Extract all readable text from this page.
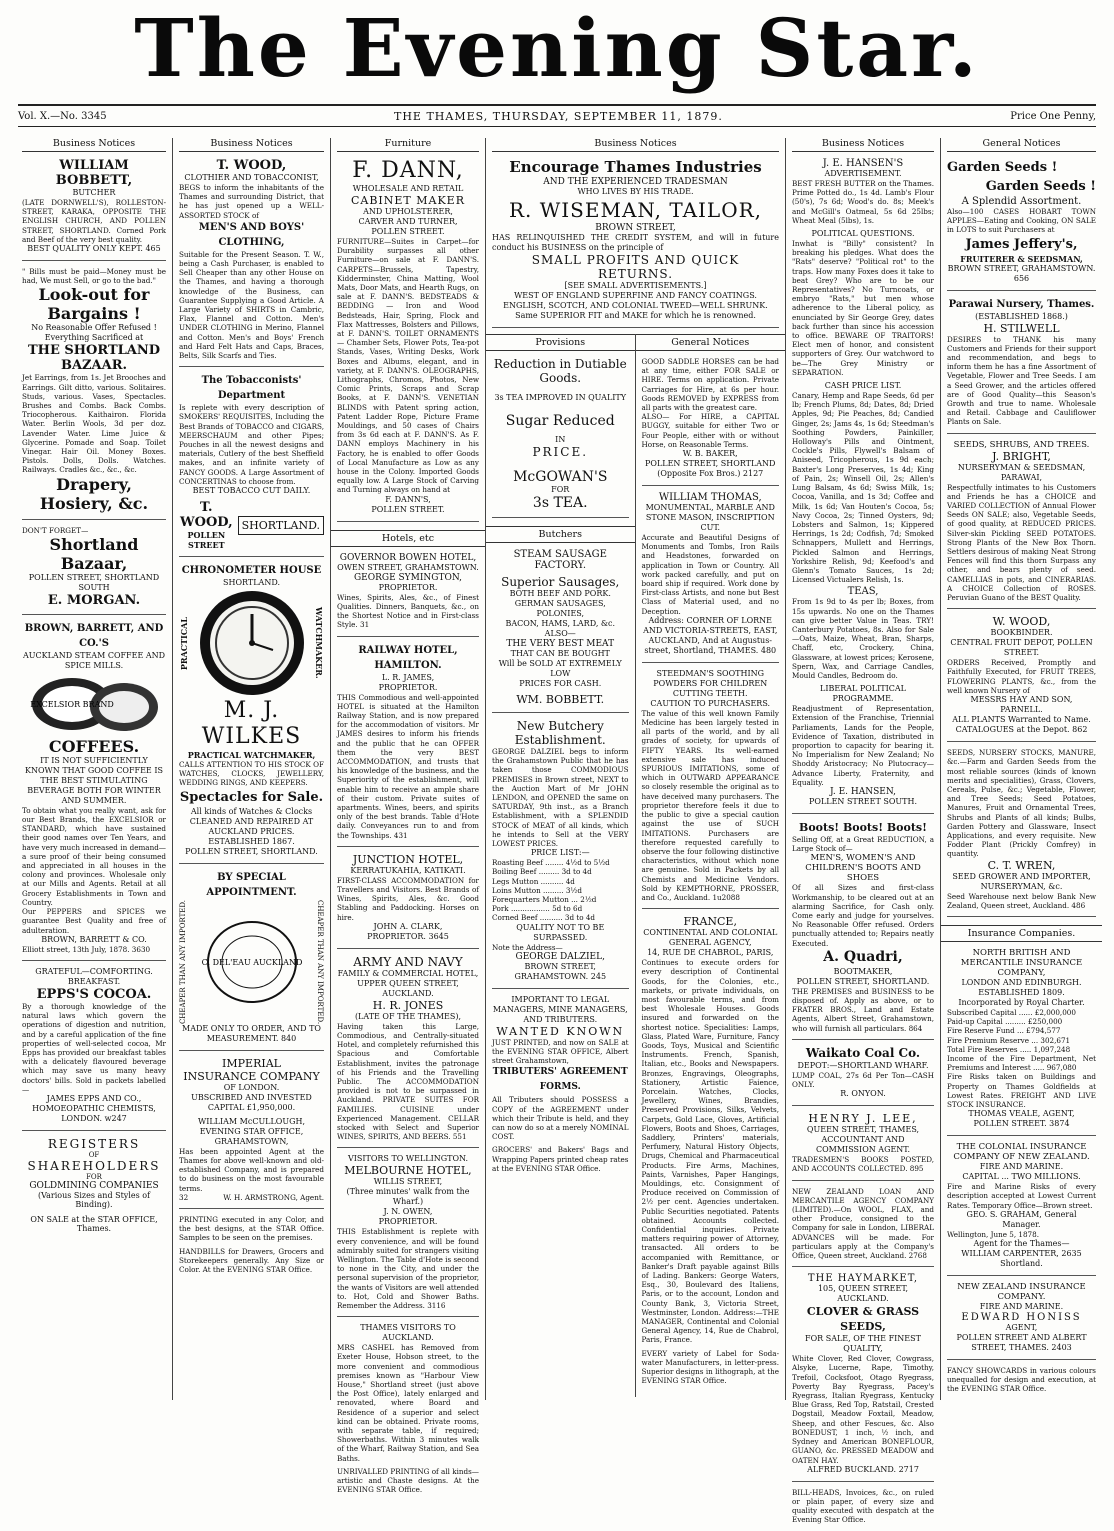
The Evening Star.
Vol. X.—No. 3345	THE THAMES, THURSDAY, SEPTEMBER 11, 1879.	Price One Penny,
Business Notices
WILLIAM BOBBETT,
BUTCHER
(LATE DORNWELL'S), ROLLESTON-STREET, KARAKA, OPPOSITE THE ENGLISH CHURCH, AND POLLEN STREET, SHORTLAND. Corned Pork and Beef of the very best quality.
BEST QUALITY ONLY KEPT. 465
" Bills must be paid—Money must be had, We must Sell, or go to the bad."
Look-out for Bargains !
No Reasonable Offer Refused ! Everything Sacrificed at
THE SHORTLAND BAZAAR.
Jet Earrings, from 1s. Jet Brooches and Earrings. Gilt ditto, various. Solitaires. Studs, various. Vases, Spectacles. Brushes and Combs. Back Combs. Triocopherous. Kaithairon. Florida Water. Berlin Wools, 3d per doz. Lavender Water. Lime Juice & Glycerine. Pomade and Soap. Toilet Vinegar. Hair Oil. Money Boxes. Pistols. Dolls, Dolls. Watches. Railways. Cradles &c., &c., &c.
Drapery, Hosiery, &c.
DON'T FORGET—
Shortland Bazaar,
POLLEN STREET, SHORTLAND SOUTH
E. MORGAN.
BROWN, BARRETT, AND CO.'S
AUCKLAND STEAM COFFEE AND SPICE MILLS.
EXCELSIOR BRAND
COFFEES.
IT IS NOT SUFFICIENTLY KNOWN THAT GOOD COFFEE IS THE BEST STIMULATING BEVERAGE BOTH FOR WINTER AND SUMMER.
To obtain what you really want, ask for our Best Brands, the EXCELSIOR or STANDARD, which have sustained their good names over Ten Years, and have very much increased in demand—a sure proof of their being consumed and appreciated in all houses in the colony and provinces. Wholesale only at our Mills and Agents. Retail at all Grocery Establishments in Town and Country.
Our PEPPERS and SPICES we guarantee Best Quality and free of adulteration.
BROWN, BARRETT & CO.
Elliott street, 13th July, 1878. 3630
GRATEFUL—COMFORTING.
BREAKFAST.
EPPS'S COCOA.
By a thorough knowledge of the natural laws which govern the operations of digestion and nutrition, and by a careful application of the fine properties of well-selected cocoa, Mr Epps has provided our breakfast tables with a delicately flavoured beverage which may save us many heavy doctors' bills. Sold in packets labelled—
JAMES EPPS AND CO., HOMOEOPATHIC CHEMISTS, LONDON. w247
REGISTERS
OF
SHAREHOLDERS
FOR
GOLDMINING COMPANIES
(Various Sizes and Styles of Binding).
ON SALE at the STAR OFFICE, Thames.
Business Notices
T. WOOD,
CLOTHIER AND TOBACCONIST,
BEGS to inform the inhabitants of the Thames and surrounding District, that he has just opened up a WELL-ASSORTED STOCK of
MEN'S AND BOYS' CLOTHING,
Suitable for the Present Season. T. W., being a Cash Purchaser, is enabled to Sell Cheaper than any other House on the Thames, and having a thorough knowledge of the Business, can Guarantee Supplying a Good Article. A Large Variety of SHIRTS in Cambric, Flax, Flannel and Cotton. Men's UNDER CLOTHING in Merino, Flannel and Cotton. Men's and Boys' French and Hard Felt Hats and Caps, Braces, Belts, Silk Scarfs and Ties.
The Tobacconists' Department
Is replete with every description of SMOKERS' REQUISITES, Including the Best Brands of TOBACCO and CIGARS, MEERSCHAUM and other Pipes; Pouches in all the newest designs and materials, Cutlery of the best Sheffield makes, and an infinite variety of FANCY GOODS. A Large Assortment of CONCERTINAS to choose from.
BEST TOBACCO CUT DAILY.
T. WOOD,
POLLEN STREET
SHORTLAND.
CHRONOMETER HOUSE
SHORTLAND.
PRACTICAL	WATCHMAKER.
M. J. WILKES
PRACTICAL WATCHMAKER,
CALLS ATTENTION TO HIS STOCK OF WATCHES, CLOCKS, JEWELLERY, WEDDING RINGS, AND KEEPERS.
Spectacles for Sale.
All kinds of Watches & Clocks CLEANED AND REPAIRED AT AUCKLAND PRICES.
ESTABLISHED 1867.
POLLEN STREET, SHORTLAND.
BY SPECIAL APPOINTMENT.
CHEAPER THAN ANY IMPORTED. C. DEL'EAU AUCKLAND CHEAPER THAN ANY IMPORTED.
MADE ONLY TO ORDER, AND TO MEASUREMENT. 840
IMPERIAL
INSURANCE COMPANY
OF LONDON.
UBSCRIBED AND INVESTED
CAPITAL £1,950,000.
WILLIAM McCULLOUGH,
EVENING STAR OFFICE, GRAHAMSTOWN,
Has been appointed Agent at the Thames for above well-known and old-established Company, and is prepared to do business on the most favourable terms.
32	W. H. ARMSTRONG, Agent.
PRINTING executed in any Color, and the best designs, at the STAR Office. Samples to be seen on the premises.
HANDBILLS for Drawers, Grocers and Storekeepers generally. Any Size or Color. At the EVENING STAR Office.
Furniture
F. DANN,
WHOLESALE AND RETAIL
CABINET MAKER
AND UPHOLSTERER,
CARVER AND TURNER,
POLLEN STREET.
FURNITURE—Suites in Carpet—for Durability surpasses all other Furniture—on sale at F. DANN'S. CARPETS—Brussels, Tapestry, Kidderminster, China Matting, Wool Mats, Door Mats, and Hearth Rugs, on sale at F. DANN'S. BEDSTEADS & BEDDING — Iron and Wood Bedsteads, Hair, Spring, Flock and Flax Mattresses, Bolsters and Pillows, at F. DANN'S. TOILET ORNAMENTS — Chamber Sets, Flower Pots, Tea-pot Stands, Vases, Writing Desks, Work Boxes and Albums, elegant, and in variety, at F. DANN'S. OLEOGRAPHS, Lithographs, Chromos, Photos, New Comic Prints, Scraps and Scrap Books, at F. DANN'S. VENETIAN BLINDS with Patent spring action, Patent Ladder Rope, Picture Frame Mouldings, and 50 cases of Chairs from 3s 6d each at F. DANN'S. As F. DANN employs Machinery in his Factory, he is enabled to offer Goods of Local Manufacture as Low as any house in the Colony. Imported Goods equally low. A Large Stock of Carving and Turning always on hand at
F. DANN'S,
POLLEN STREET.
Hotels, etc
GOVERNOR BOWEN HOTEL,
OWEN STREET, GRAHAMSTOWN.
GEORGE SYMINGTON,
PROPRIETOR.
Wines, Spirits, Ales, &c., of Finest Qualities. Dinners, Banquets, &c., on the Shortest Notice and in First-class Style. 31
RAILWAY HOTEL, HAMILTON.
L. R. JAMES,
PROPRIETOR.
THIS Commodious and well-appointed HOTEL is situated at the Hamilton Railway Station, and is now prepared for the accommodation of visitors. Mr JAMES desires to inform his friends and the public that he can OFFER them the very BEST ACCOMMODATION, and trusts that his knowledge of the business, and the Superiority of the establishment, will enable him to receive an ample share of their custom. Private suites of apartments. Wines, beers, and spirits only of the best brands. Table d'Hote daily. Conveyances run to and from the Townships. 431
JUNCTION HOTEL,
KERRATUKAHIA, KATIKATI.
FIRST-CLASS ACCOMMODATION for Travellers and Visitors. Best Brands of Wines, Spirits, Ales, &c. Good Stabling and Paddocking. Horses on hire.
JOHN A. CLARK,
PROPRIETOR. 3645
ARMY AND NAVY
FAMILY & COMMERCIAL HOTEL,
UPPER QUEEN STREET, AUCKLAND.
H. R. JONES
(LATE OF THE THAMES),
Having taken this Large, Commodious, and Centrally-situated Hotel, and completely refurnished this Spacious and Comfortable Establishment, invites the patronage of his Friends and the Travelling Public. The ACCOMMODATION provided is not to be surpassed in Auckland. PRIVATE SUITES FOR FAMILIES. CUISINE under Experienced Management. CELLAR stocked with Select and Superior WINES, SPIRITS, AND BEERS. 551
VISITORS TO WELLINGTON.
MELBOURNE HOTEL,
WILLIS STREET,
(Three minutes' walk from the Wharf.)
J. N. OWEN,
PROPRIETOR.
THIS Establishment is replete with every convenience, and will be found admirably suited for strangers visiting Wellington. The Table d'Hote is second to none in the City, and under the personal supervision of the proprietor, the wants of Visitors are well attended to. Hot, Cold and Shower Baths. Remember the Address. 3116
THAMES VISITORS TO AUCKLAND.
MRS CASHEL has Removed from Exeter House, Hobson street, to the more convenient and commodious premises known as "Harbour View House," Shortland street (just above the Post Office), lately enlarged and renovated, where Board and Residence of a superior and select kind can be obtained. Private rooms, with separate table, if required; Showerbaths. Within 3 minutes walk of the Wharf, Railway Station, and Sea Baths.
UNRIVALLED PRINTING of all kinds—artistic and Chaste designs. At the EVENING STAR Office.
Business Notices
Encourage Thames Industries
AND THE EXPERIENCED TRADESMAN
WHO LIVES BY HIS TRADE.
R. WISEMAN, TAILOR,
BROWN STREET,
HAS RELINQUISHED THE CREDIT SYSTEM, and will in future conduct his BUSINESS on the principle of
SMALL PROFITS AND QUICK RETURNS.
[SEE SMALL ADVERTISEMENTS.]
WEST OF ENGLAND SUPERFINE AND FANCY COATINGS.
ENGLISH, SCOTCH, AND COLONIAL TWEED—WELL SHRUNK.
Same SUPERIOR FIT and MAKE for which he is renowned.
Provisions
Reduction in Dutiable
Goods.
3s TEA IMPROVED IN QUALITY
Sugar Reduced
IN
PRICE.
McGOWAN'S
FOR
3s TEA.
Butchers
STEAM SAUSAGE FACTORY.
Superior Sausages,
BOTH BEEF AND PORK.
GERMAN SAUSAGES, POLONIES,
BACON, HAMS, LARD, &c.
ALSO—
THE VERY BEST MEAT
THAT CAN BE BOUGHT
Will be SOLD AT EXTREMELY LOW
PRICES FOR CASH.
WM. BOBBETT.
New Butchery Establishment.
GEORGE DALZIEL begs to inform the Grahamstown Public that he has taken those COMMODIOUS PREMISES in Brown street, NEXT to the Auction Mart of Mr JOHN LENDON, and OPENED the same on SATURDAY, 9th inst., as a Branch Establishment, with a SPLENDID STOCK of MEAT of all kinds, which he intends to Sell at the VERY LOWEST PRICES.
PRICE LIST:—
Roasting Beef ........ 4½d to 5½d
Boiling Beef ......... 3d to 4d
Legs Mutton .......... 4d
Loins Mutton ......... 3½d
Forequarters Mutton ... 2½d
Pork ................. 5d to 6d
Corned Beef .......... 3d to 4d
QUALITY NOT TO BE SURPASSED.
Note the Address—
GEORGE DALZIEL,
BROWN STREET,
GRAHAMSTOWN. 245
IMPORTANT TO LEGAL MANAGERS, MINE MANAGERS, AND TRIBUTERS.
WANTED KNOWN
JUST PRINTED, and now on SALE at the EVENING STAR OFFICE, Albert street Grahamstown,
TRIBUTERS' AGREEMENT FORMS.
All Tributers should POSSESS a COPY of the AGREEMENT under which their Tribute is held, and they can now do so at a merely NOMINAL COST.
GROCERS' and Bakers' Bags and Wrapping Papers printed cheap rates at the EVENING STAR Office.
General Notices
GOOD SADDLE HORSES can be had at any time, either FOR SALE or HIRE. Terms on application. Private Carriages for Hire, at 6s per hour. Goods REMOVED by EXPRESS from all parts with the greatest care.
ALSO— For HIRE, a CAPITAL BUGGY, suitable for either Two or Four People, either with or without Horse, on Reasonable Terms.
W. B. BAKER,
POLLEN STREET, SHORTLAND (Opposite Fox Bros.) 2127
WILLIAM THOMAS,
MONUMENTAL, MARBLE AND STONE MASON, INSCRIPTION CUT.
Accurate and Beautiful Designs of Monuments and Tombs, Iron Rails and Headstones, forwarded on application in Town or Country. All work packed carefully, and put on board ship if required. Work done by First-class Artists, and none but Best Class of Material used, and no Deception.
Address: CORNER OF LORNE AND VICTORIA-STREETS, EAST, AUCKLAND, And at Augustus-street, Shortland, THAMES. 480
STEEDMAN'S SOOTHING POWDERS FOR CHILDREN CUTTING TEETH.
CAUTION TO PURCHASERS.
The value of this well known Family Medicine has been largely tested in all parts of the world, and by all grades of society, for upwards of FIFTY YEARS. Its well-earned extensive sale has induced SPURIOUS IMITATIONS, some of which in OUTWARD APPEARANCE so closely resemble the original as to have deceived many purchasers. The proprietor therefore feels it due to the public to give a special caution against the use of SUCH IMITATIONS. Purchasers are therefore requested carefully to observe the four following distinctive characteristics, without which none are genuine. Sold in Packets by all Chemists and Medicine Vendors. Sold by KEMPTHORNE, PROSSER, and Co., Auckland. 1u2088
FRANCE,
CONTINENTAL AND COLONIAL GENERAL AGENCY,
14, RUE DE CHABROL, PARIS,
Continues to execute orders for every description of Continental Goods, for the Colonies, etc., markets, or private individuals, on most favourable terms, and from best Wholesale Houses. Goods insured and forwarded on the shortest notice. Specialities: Lamps, Glass, Plated Ware, Furniture, Fancy Goods, Toys, Musical and Scientific Instruments. French, Spanish, Italian, etc., Books and Newspapers. Bronzes, Engravings, Oleographs, Stationery, Artistic Faience, Porcelain. Watches, Clocks, Jewellery, Wines, Brandies, Preserved Provisions, Silks, Velvets, Carpets, Gold Lace, Gloves, Artificial Flowers, Boots and Shoes, Carriages, Saddlery, Printers' materials, Perfumery, Natural History Objects, Drugs, Chemical and Pharmaceutical Products. Fire Arms, Machines, Paints, Varnishes, Paper Hangings, Mouldings, etc. Consignment of Produce received on Commission of 2½ per cent. Agencies undertaken. Public Securities negotiated. Patents obtained. Accounts collected. Confidential inquiries. Private matters requiring power of Attorney, transacted. All orders to be accompanied with Remittance, or Banker's Draft payable against Bills of Lading. Bankers: George Waters, Esq., 30, Boulevard des Italiens, Paris, or to the account, London and County Bank, 3, Victoria Street, Westminster, London. Address:—THE MANAGER, Continental and Colonial General Agency, 14, Rue de Chabrol, Paris, France.
EVERY variety of Label for Soda-water Manufacturers, in letter-press. Superior designs in lithograph, at the EVENING STAR Office.
Business Notices
J. E. HANSEN'S
ADVERTISEMENT.
BEST FRESH BUTTER on the Thames. Prime Potted do., 1s 4d. Lamb's Flour (50's), 7s 6d; Wood's do. 8s; Meek's and McGill's Oatmeal, 5s 6d 25lbs; Wheat Meal (5lbs), 1s.
POLITICAL QUESTIONS.
Inwhat is "Billy" consistent? In breaking his pledges. What does the "Rats" deserve? "Political rot" to the traps. How many Foxes does it take to beat Grey? Who are to be our Representatives? No Turncoats, or embryo "Rats," but men whose adherence to the Liberal policy, as enunciated by Sir George Grey, dates back further than since his accession to office. BEWARE OF TRAITORS! Elect men of honor, and consistent supporters of Grey. Our watchword to be—The Grey Ministry or SEPARATION.
CASH PRICE LIST.
Canary, Hemp and Rape Seeds, 6d per lb; French Plums, 8d; Dates, 8d; Dried Apples, 9d; Pie Peaches, 8d; Candied Ginger, 2s; Jams 4s, 1s 6d; Steedman's Soothing Powders, Painkiller, Holloway's Pills and Ointment, Cockle's Pills, Flywell's Balsam of Aniseed, Tricopherous, 1s 9d each; Baxter's Long Preserves, 1s 4d; King of Pain, 2s; Winsell Oil, 2s; Allen's Lung Balsam, 4s 6d; Swiss Milk, 1s; Cocoa, Vanilla, and 1s 3d; Coffee and Milk, 1s 6d; Van Houten's Cocoa, 5s; Navy Cocoa, 2s; Tinned Oysters, 9d; Lobsters and Salmon, 1s; Kippered Herrings, 1s 2d; Codfish, 7d; Smoked Schnappers, Mullett and Herrings, Pickled Salmon and Herrings, Yorkshire Relish, 9d; Keefood's and Glenn's Tomato Sauces, 1s 2d; Licensed Victualers Relish, 1s.
TEAS,
From 1s 9d to 4s per lb; Boxes, from 15s upwards. No one on the Thames can give better Value in Teas. TRY! Canterbury Potatoes, 8s. Also for Sale—Oats, Maize, Wheat, Bran, Sharps, Chaff, etc, Crockery, China, Glassware, at lowest prices; Kerosene, Spern, Wax, and Carriage Candles, Mould Candles, Bedroom do.
LIBERAL POLITICAL PROGRAMME.
Readjustment of Representation, Extension of the Franchise, Triennial Parliaments, Lands for the People, Evidence of Taxation, distributed in proportion to capacity for bearing it. No Imperialism for New Zealand; No Shoddy Aristocracy; No Plutocracy—Advance Liberty, Fraternity, and Equality.
J. E. HANSEN,
POLLEN STREET SOUTH.
Boots! Boots! Boots!
Selling Off, at a Great REDUCTION, a Large Stock of—
MEN'S, WOMEN'S AND CHILDREN'S BOOTS AND SHOES
Of all Sizes and first-class Workmanship, to be cleared out at an alarming Sacrifice, for Cash only. Come early and judge for yourselves. No Reasonable Offer refused. Orders punctually attended to; Repairs neatly Executed.
A. Quadri,
BOOTMAKER,
POLLEN STREET, SHORTLAND.
THE PREMISES and BUSINESS to be disposed of. Apply as above, or to FRATER BROS., Land and Estate Agents, Albert Street, Grahamstown, who will furnish all particulars. 864
Waikato Coal Co.
DEPOT:—SHORTLAND WHARF.
LUMP COAL, 27s 6d Per Ton—CASH ONLY.
R. ONYON.
HENRY J. LEE,
QUEEN STREET, THAMES,
ACCOUNTANT AND COMMISSION AGENT.
TRADESMEN'S BOOKS POSTED, AND ACCOUNTS COLLECTED. 895
NEW ZEALAND LOAN AND MERCANTILE AGENCY COMPANY (LIMITED).—On WOOL, FLAX, and other Produce, consigned to the Company for sale in London, LIBERAL ADVANCES will be made. For particulars apply at the Company's Office, Queen street, Auckland. 2768
THE HAYMARKET,
105, QUEEN STREET,
AUCKLAND.
CLOVER & GRASS SEEDS,
FOR SALE, OF THE FINEST QUALITY,
White Clover, Red Clover, Cowgrass, Alsyke, Lucerne, Rape, Timothy, Trefoil, Cocksfoot, Otago Ryegrass, Poverty Bay Ryegrass, Pacey's Ryegrass, Italian Ryegrass, Kentucky Blue Grass, Red Top, Ratstail, Crested Dogstail, Meadow Foxtail, Meadow, Sheep, and other Fescues, &c. Also BONEDUST, 1 inch, ½ inch, and Sydney and American BONEFLOUR, GUANO, &c. PRESSED MEADOW and OATEN HAY.
ALFRED BUCKLAND. 2717
BILL-HEADS, Invoices, &c., on ruled or plain paper, of every size and quality executed with despatch at the Evening Star Office.
General Notices
Garden Seeds !
Garden Seeds !
A Splendid Assortment.
Also—100 CASES HOBART TOWN APPLES—Eating and Cooking, ON SALE in LOTS to suit Purchasers at
James Jeffery's,
FRUITERER & SEEDSMAN,
BROWN STREET, GRAHAMSTOWN. 656
Parawai Nursery, Thames.
(ESTABLISHED 1868.)
H. STILWELL
DESIRES to THANK his many Customers and Friends for their support and recommendation, and begs to inform them he has a fine Assortment of Vegetable, Flower and Tree Seeds. I am a Seed Grower, and the articles offered are of Good Quality—this Season's Growth and true to name. Wholesale and Retail. Cabbage and Cauliflower Plants on Sale.
SEEDS, SHRUBS, AND TREES.
J. BRIGHT,
NURSERYMAN & SEEDSMAN,
PARAWAI,
Respectfully intimates to his Customers and Friends he has a CHOICE and VARIED COLLECTION of Annual Flower Seeds ON SALE; also, Vegetable Seeds, of good quality, at REDUCED PRICES. Silver-skin Pickling SEED POTATOES. Strong Plants of the New Box Thorn. Settlers desirous of making Neat Strong Fences will find this thorn Surpass any other, and bears plenty of seed. CAMELLIAS in pots, and CINERARIAS. A CHOICE Collection of ROSES. Peruvian Guano of the BEST Quality.
W. WOOD,
BOOKBINDER.
CENTRAL FRUIT DEPOT, POLLEN STREET.
ORDERS Received, Promptly and Faithfully Executed, for FRUIT TREES, FLOWERING PLANTS, &c., from the well known Nursery of
MESSRS HAY AND SON,
PARNELL.
ALL PLANTS Warranted to Name.
CATALOGUES at the Depot. 862
SEEDS, NURSERY STOCKS, MANURE, &c.—Farm and Garden Seeds from the most reliable sources (kinds of known merits and specialities), Grass, Clovers, Cereals, Pulse, &c.; Vegetable, Flower, and Tree Seeds; Seed Potatoes, Manures, Fruit and Ornamental Trees, Shrubs and Plants of all kinds; Bulbs, Garden Pottery and Glassware, Insect Applications, and every requisite. New Fodder Plant (Prickly Comfrey) in quantity.
C. T. WREN,
SEED GROWER AND IMPORTER,
NURSERYMAN, &c.
Seed Warehouse next below Bank New Zealand, Queen street, Auckland. 486
Insurance Companies.
NORTH BRITISH AND MERCANTILE INSURANCE COMPANY,
LONDON AND EDINBURGH.
ESTABLISHED 1809.
Incorporated by Royal Charter.
Subscribed Capital ...... £2,000,000
Paid-up Capital ......... £250,000
Fire Reserve Fund ... £794,577
Fire Premium Reserve ... 302,671
Total Fire Reserves ..... 1,097,248
Income of the Fire Department, Net Premiums and Interest ..... 967,080
Fire Risks taken on Buildings and Property on Thames Goldfields at Lowest Rates. FREIGHT AND LIVE STOCK INSURANCE.
THOMAS VEALE, AGENT,
POLLEN STREET. 3874
THE COLONIAL INSURANCE COMPANY OF NEW ZEALAND.
FIRE AND MARINE.
CAPITAL ... TWO MILLIONS.
Fire and Marine Risks of every description accepted at Lowest Current Rates. Temporary Office—Brown street.
GEO. S. GRAHAM, General Manager.
Wellington, June 5, 1878.
Agent for the Thames—
WILLIAM CARPENTER, 2635 Shortland.
NEW ZEALAND INSURANCE COMPANY.
FIRE AND MARINE.
EDWARD HONISS
AGENT,
POLLEN STREET AND ALBERT STREET, THAMES. 2403
FANCY SHOWCARDS in various colours unequalled for design and execution, at the EVENING STAR Office.
